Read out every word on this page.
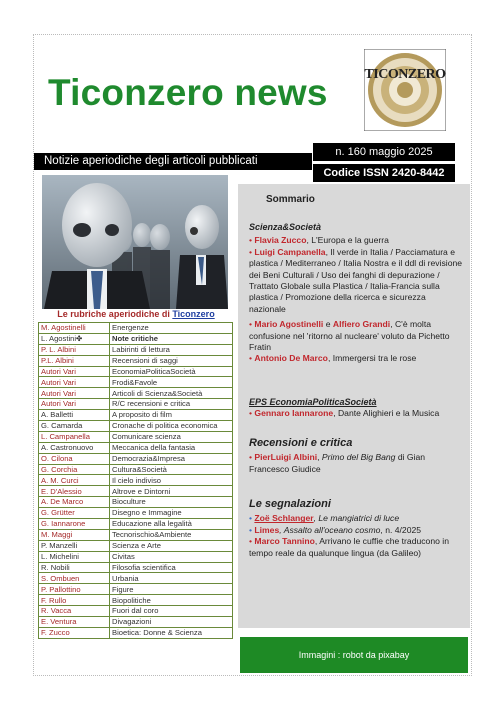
Ticonzero news	TICONZERO
Notizie aperiodiche degli articoli pubblicati
n. 160 maggio 2025
Codice ISSN 2420-8442
Le rubriche aperiodiche di Ticonzero
M. Agostinelli	Energenze
L. Agostini✤	Note critiche
P. L. Albini	Labirinti di lettura
P.L. Albini	Recensioni di saggi
Autori Vari	EconomiaPoliticaSocietà
Autori Vari	Frodi&Favole
Autori Vari	Articoli di Scienza&Società
Autori Vari	R/C recensioni e critica
A. Balletti	A proposito di film
G. Camarda	Cronache di politica economica
L. Campanella	Comunicare scienza
A. Castronuovo	Meccanica della fantasia
O. Cilona	Democrazia&Impresa
G. Corchia	Cultura&Società
A. M. Curci	Il cielo indiviso
E. D'Alessio	Altrove e Dintorni
A. De Marco	Bioculture
G. Grütter	Disegno e Immagine
G. Iannarone	Educazione alla legalità
M. Maggi	Tecnorischio&Ambiente
P. Manzelli	Scienza e Arte
L. Michelini	Civitas
R. Nobili	Filosofia scientifica
S. Ombuen	Urbania
P. Pallottino	Figure
F. Rullo	Biopolitiche
R. Vacca	Fuori dal coro
E. Ventura	Divagazioni
F. Zucco	Bioetica: Donne & Scienza
Sommario
Scienza&Società
• Flavia Zucco, L'Europa e la guerra
• Luigi Campanella, Il verde in Italia / Pacciamatura e plastica / Mediterraneo / Italia Nostra e il ddl di revisione dei Beni Culturali / Uso dei fanghi di depurazione / Trattato Globale sulla Plastica / Italia-Francia sulla plastica / Promozione della ricerca e sicurezza nazionale
• Mario Agostinelli e Alfiero Grandi, C'è molta confusione nel 'ritorno al nucleare' voluto da Pichetto Fratin
• Antonio De Marco, Immergersi tra le rose
EPS EconomiaPoliticaSocietà
• Gennaro Iannarone, Dante Alighieri e la Musica
Recensioni e critica
• PierLuigi Albini, Primo del Big Bang di Gian Francesco Giudice
Le segnalazioni
• Zoë Schlanger, Le mangiatrici di luce
• Limes, Assalto all'oceano cosmo, n. 4/2025
• Marco Tannino, Arrivano le cuffie che traducono in tempo reale da qualunque lingua (da Galileo)
Immagini : robot da pixabay
